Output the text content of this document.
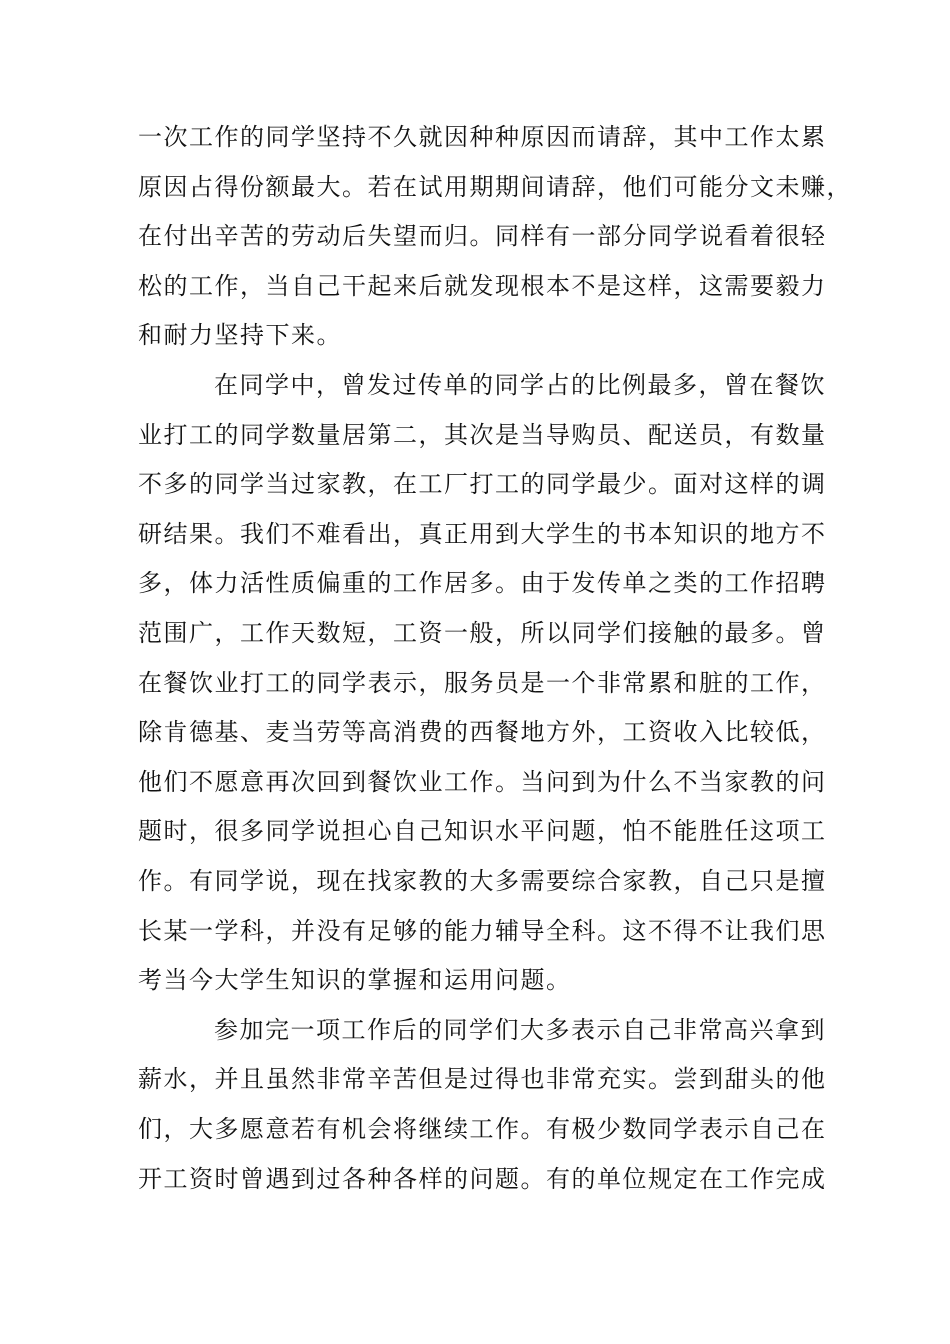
一次工作的同学坚持不久就因种种原因而请辞，其中工作太累
原因占得份额最大。若在试用期期间请辞，他们可能分文未赚，
在付出辛苦的劳动后失望而归。同样有一部分同学说看着很轻
松的工作，当自己干起来后就发现根本不是这样，这需要毅力
和耐力坚持下来。
在同学中，曾发过传单的同学占的比例最多，曾在餐饮
业打工的同学数量居第二，其次是当导购员、配送员，有数量
不多的同学当过家教，在工厂打工的同学最少。面对这样的调
研结果。我们不难看出，真正用到大学生的书本知识的地方不
多，体力活性质偏重的工作居多。由于发传单之类的工作招聘
范围广，工作天数短，工资一般，所以同学们接触的最多。曾
在餐饮业打工的同学表示，服务员是一个非常累和脏的工作，
除肯德基、麦当劳等高消费的西餐地方外，工资收入比较低，
他们不愿意再次回到餐饮业工作。当问到为什么不当家教的问
题时，很多同学说担心自己知识水平问题，怕不能胜任这项工
作。有同学说，现在找家教的大多需要综合家教，自己只是擅
长某一学科，并没有足够的能力辅导全科。这不得不让我们思
考当今大学生知识的掌握和运用问题。
参加完一项工作后的同学们大多表示自己非常高兴拿到
薪水，并且虽然非常辛苦但是过得也非常充实。尝到甜头的他
们，大多愿意若有机会将继续工作。有极少数同学表示自己在
开工资时曾遇到过各种各样的问题。有的单位规定在工作完成
